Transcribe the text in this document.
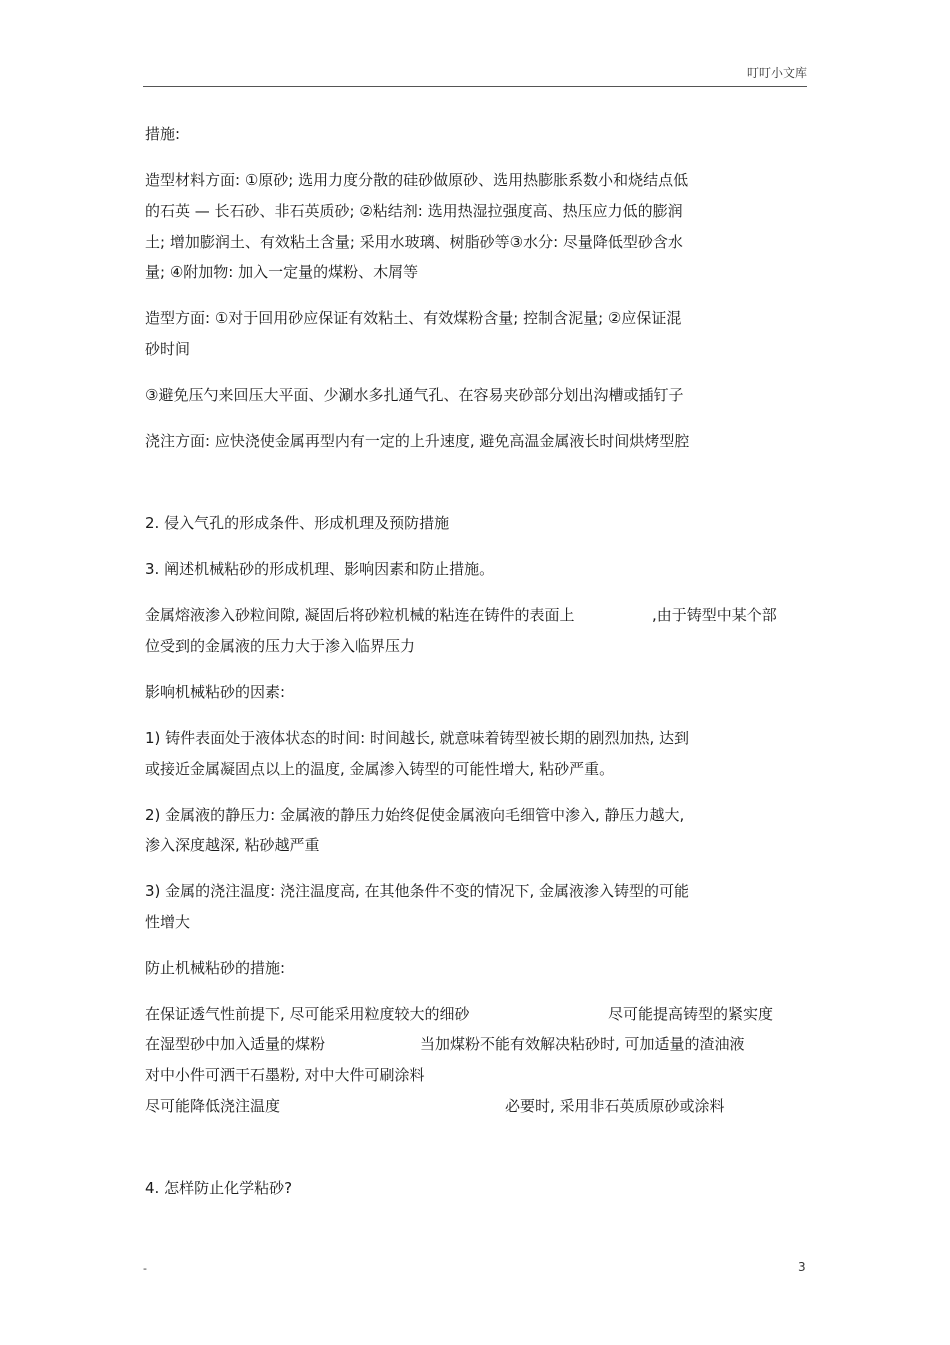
叮叮小文库
措施:
造型材料方面: ①原砂; 选用力度分散的硅砂做原砂、选用热膨胀系数小和烧结点低
的石英 — 长石砂、非石英质砂; ②粘结剂: 选用热湿拉强度高、热压应力低的膨润
土; 增加膨润土、有效粘土含量; 采用水玻璃、树脂砂等③水分: 尽量降低型砂含水
量; ④附加物: 加入一定量的煤粉、木屑等
造型方面: ①对于回用砂应保证有效粘土、有效煤粉含量; 控制含泥量; ②应保证混
砂时间
③避免压勺来回压大平面、少涮水多扎通气孔、在容易夹砂部分划出沟槽或插钉子
浇注方面: 应快浇使金属再型内有一定的上升速度, 避免高温金属液长时间烘烤型腔
2. 侵入气孔的形成条件、形成机理及预防措施
3. 阐述机械粘砂的形成机理、影响因素和防止措施。
金属熔液渗入砂粒间隙, 凝固后将砂粒机械的粘连在铸件的表面上	,由于铸型中某个部
位受到的金属液的压力大于渗入临界压力
影响机械粘砂的因素:
1) 铸件表面处于液体状态的时间: 时间越长, 就意味着铸型被长期的剧烈加热, 达到
或接近金属凝固点以上的温度, 金属渗入铸型的可能性增大, 粘砂严重。
2) 金属液的静压力: 金属液的静压力始终促使金属液向毛细管中渗入, 静压力越大,
渗入深度越深, 粘砂越严重
3) 金属的浇注温度: 浇注温度高, 在其他条件不变的情况下, 金属液渗入铸型的可能
性增大
防止机械粘砂的措施:
在保证透气性前提下, 尽可能采用粒度较大的细砂	尽可能提高铸型的紧实度
在湿型砂中加入适量的煤粉	当加煤粉不能有效解决粘砂时, 可加适量的渣油液
对中小件可洒干石墨粉, 对中大件可刷涂料
尽可能降低浇注温度	必要时, 采用非石英质原砂或涂料
4. 怎样防止化学粘砂?
-	3
